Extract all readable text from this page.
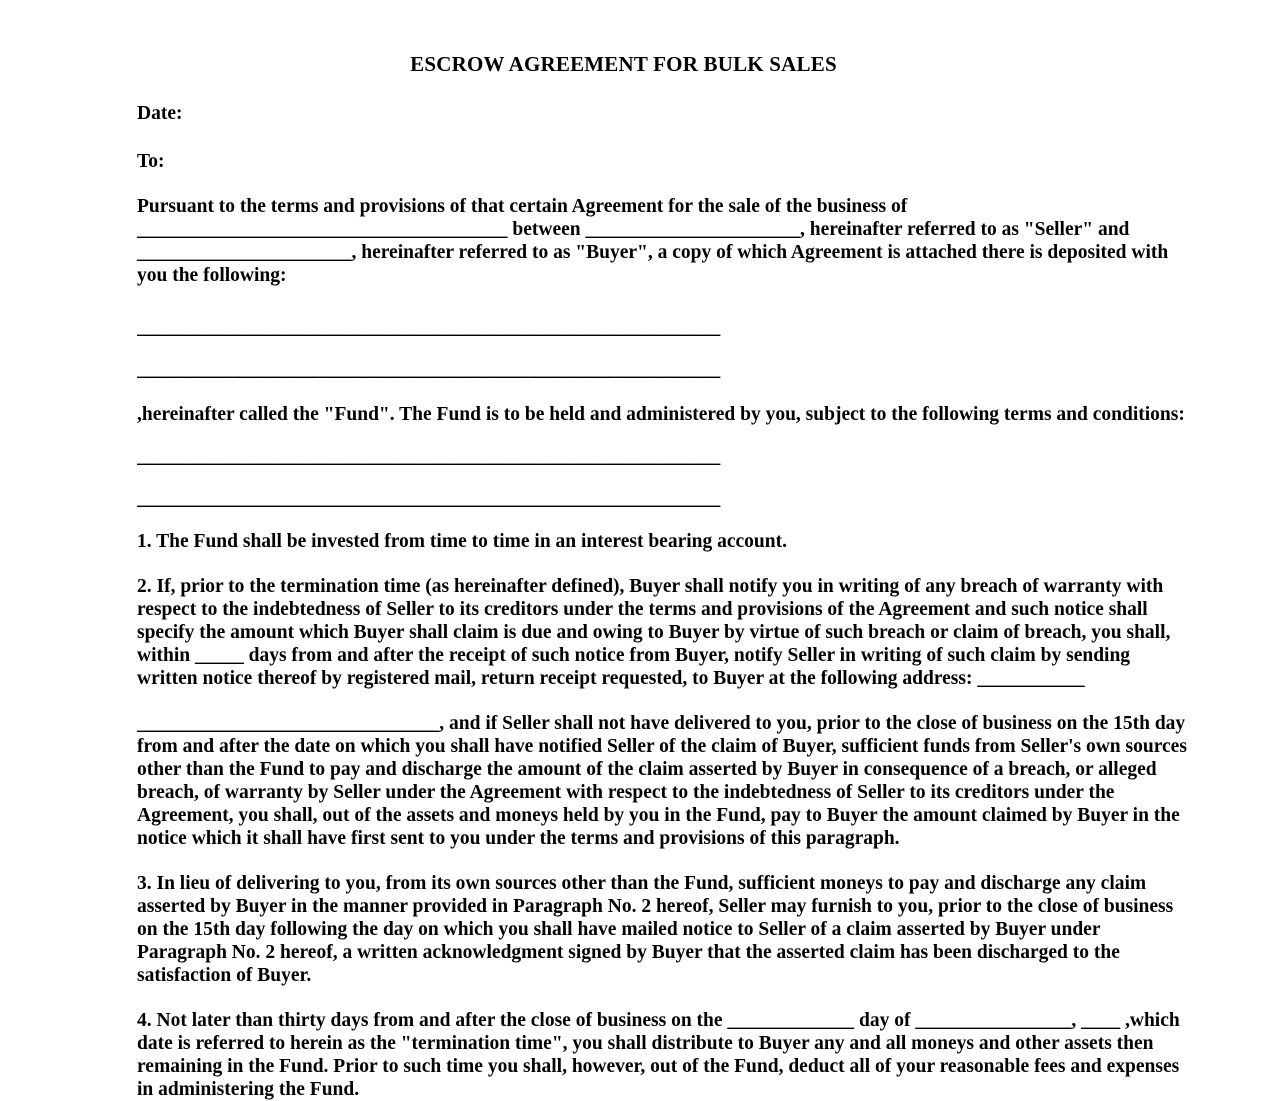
ESCROW AGREEMENT FOR BULK SALES
Date:
To:
Pursuant to the terms and provisions of that certain Agreement for the sale of the business of ______________________________________ between ______________________, hereinafter referred to as "Seller" and ______________________, hereinafter referred to as "Buyer", a copy of which Agreement is attached there is deposited with you the following:
_______________________________________________________________
_______________________________________________________________
,hereinafter called the "Fund". The Fund is to be held and administered by you, subject to the following terms and conditions:
_______________________________________________________________
_______________________________________________________________
1. The Fund shall be invested from time to time in an interest bearing account.
2. If, prior to the termination time (as hereinafter defined), Buyer shall notify you in writing of any breach of warranty with respect to the indebtedness of Seller to its creditors under the terms and provisions of the Agreement and such notice shall specify the amount which Buyer shall claim is due and owing to Buyer by virtue of such breach or claim of breach, you shall, within _____ days from and after the receipt of such notice from Buyer, notify Seller in writing of such claim by sending written notice thereof by registered mail, return receipt requested, to Buyer at the following address: ___________
_______________________________, and if Seller shall not have delivered to you, prior to the close of business on the 15th day from and after the date on which you shall have notified Seller of the claim of Buyer, sufficient funds from Seller's own sources other than the Fund to pay and discharge the amount of the claim asserted by Buyer in consequence of a breach, or alleged breach, of warranty by Seller under the Agreement with respect to the indebtedness of Seller to its creditors under the Agreement, you shall, out of the assets and moneys held by you in the Fund, pay to Buyer the amount claimed by Buyer in the notice which it shall have first sent to you under the terms and provisions of this paragraph.
3. In lieu of delivering to you, from its own sources other than the Fund, sufficient moneys to pay and discharge any claim asserted by Buyer in the manner provided in Paragraph No. 2 hereof, Seller may furnish to you, prior to the close of business on the 15th day following the day on which you shall have mailed notice to Seller of a claim asserted by Buyer under Paragraph No. 2 hereof, a written acknowledgment signed by Buyer that the asserted claim has been discharged to the satisfaction of Buyer.
4. Not later than thirty days from and after the close of business on the _____________ day of ________________, ____ ,which date is referred to herein as the "termination time", you shall distribute to Buyer any and all moneys and other assets then remaining in the Fund. Prior to such time you shall, however, out of the Fund, deduct all of your reasonable fees and expenses in administering the Fund.
